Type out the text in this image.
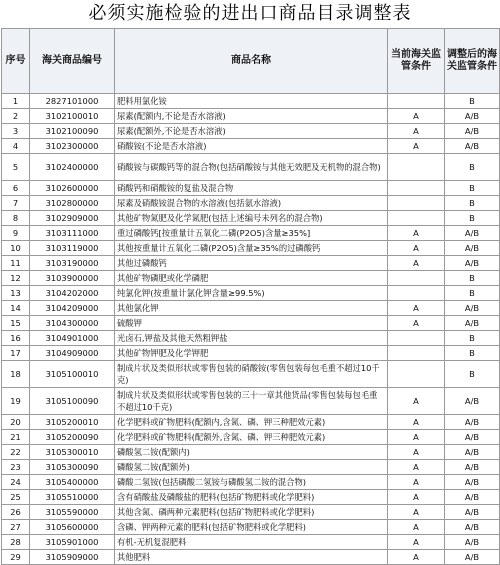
必须实施检验的进出口商品目录调整表
序号	海关商品编号	商品名称	当前海关监管条件	调整后的海关监管条件
1	2827101000	肥料用氯化铵		B
2	3102100010	尿素(配额内,不论是否水溶液)	A	A/B
3	3102100090	尿素(配额外,不论是否水溶液)	A	A/B
4	3102300000	硝酸铵(不论是否水溶液)	A	A/B
5	3102400000	硝酸铵与碳酸钙等的混合物(包括硝酸铵与其他无效肥及无机物的混合物)		B
6	3102600000	硝酸钙和硝酸铵的复盐及混合物		B
7	3102800000	尿素及硝酸铵混合物的水溶液(包括氨水溶液)		B
8	3102909000	其他矿物氮肥及化学氮肥(包括上述编号未列名的混合物)		B
9	3103111000	重过磷酸钙[按重量计五氧化二磷(P2O5)含量≥35%]	A	A/B
10	3103119000	其他按重量计五氧化二磷(P2O5)含量≥35%的过磷酸钙	A	A/B
11	3103190000	其他过磷酸钙	A	A/B
12	3103900000	其他矿物磷肥或化学磷肥		B
13	3104202000	纯氯化钾(按重量计氯化钾含量≥99.5%)		B
14	3104209000	其他氯化钾	A	A/B
15	3104300000	硫酸钾	A	A/B
16	3104901000	光卤石,钾盐及其他天然粗钾盐		B
17	3104909000	其他矿物钾肥及化学钾肥		B
18	3105100010	制成片状及类似形状或零售包装的硝酸铵(零售包装每包毛重不超过10千克)		B
19	3105100090	制成片状及类似形状或零售包装的三十一章其他货品(零售包装每包毛重不超过10千克)	A	A/B
20	3105200010	化学肥料或矿物肥料(配额内,含氮、磷、钾三种肥效元素)	A	A/B
21	3105200090	化学肥料或矿物肥料(配额外,含氮、磷、钾三种肥效元素)	A	A/B
22	3105300010	磷酸氢二铵(配额内)	A	A/B
23	3105300090	磷酸氢二铵(配额外)	A	A/B
24	3105400000	磷酸二氢铵(包括磷酸二氢铵与磷酸氢二铵的混合物)	A	A/B
25	3105510000	含有硝酸盐及磷酸盐的肥料(包括矿物肥料或化学肥料)	A	A/B
26	3105590000	其他含氮、磷两种元素肥料(包括矿物肥料或化学肥料)	A	A/B
27	3105600000	含磷、钾两种元素的肥料(包括矿物肥料或化学肥料)	A	A/B
28	3105901000	有机-无机复混肥料	A	A/B
29	3105909000	其他肥料	A	A/B
